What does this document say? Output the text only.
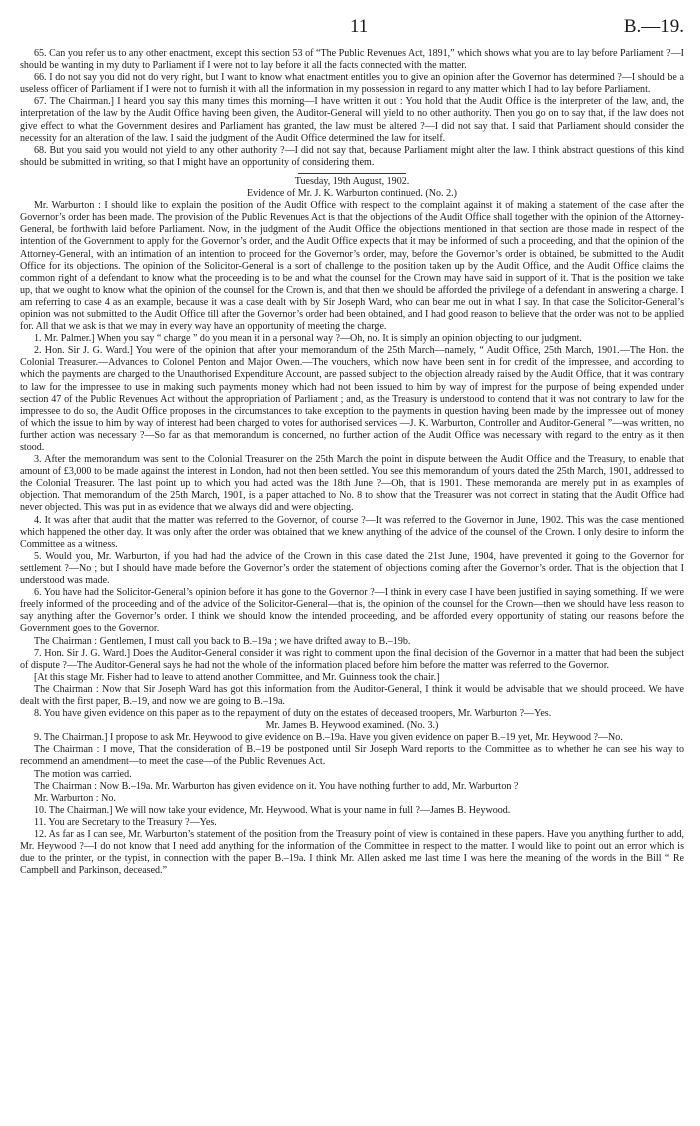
11	B.—19.

65. Can you refer us to any other enactment, except this section 53 of “The Public Revenues Act, 1891,” which shows what you are to lay before Parliament ?—I should be wanting in my duty to Parliament if I were not to lay before it all the facts connected with the matter.

66. I do not say you did not do very right, but I want to know what enactment entitles you to give an opinion after the Governor has determined ?—I should be a useless officer of Parliament if I were not to furnish it with all the information in my possession in regard to any matter which I had to lay before Parliament.

67. The Chairman.] I heard you say this many times this morning—I have written it out : You hold that the Audit Office is the interpreter of the law, and, the interpretation of the law by the Audit Office having been given, the Auditor-General will yield to no other authority. Then you go on to say that, if the law does not give effect to what the Government desires and Parliament has granted, the law must be altered ?—I did not say that. I said that Parliament should consider the necessity for an alteration of the law. I said the judgment of the Audit Office determined the law for itself.

68. But you said you would not yield to any other authority ?—I did not say that, because Parliament might alter the law. I think abstract questions of this kind should be submitted in writing, so that I might have an opportunity of considering them.

Tuesday, 19th August, 1902.

Evidence of Mr. J. K. Warburton continued. (No. 2.)

Mr. Warburton : I should like to explain the position of the Audit Office with respect to the complaint against it of making a statement of the case after the Governor’s order has been made. The provision of the Public Revenues Act is that the objections of the Audit Office shall together with the opinion of the Attorney-General, be forthwith laid before Parliament. Now, in the judgment of the Audit Office the objections mentioned in that section are those made in respect of the intention of the Government to apply for the Governor’s order, and the Audit Office expects that it may be informed of such a proceeding, and that the opinion of the Attorney-General, with an intimation of an intention to proceed for the Governor’s order, may, before the Governor’s order is obtained, be submitted to the Audit Office for its objections. The opinion of the Solicitor-General is a sort of challenge to the position taken up by the Audit Office, and the Audit Office claims the common right of a defendant to know what the proceeding is to be and what the counsel for the Crown may have said in support of it. That is the position we take up, that we ought to know what the opinion of the counsel for the Crown is, and that then we should be afforded the privilege of a defendant in answering a charge. I am referring to case 4 as an example, because it was a case dealt with by Sir Joseph Ward, who can bear me out in what I say. In that case the Solicitor-General’s opinion was not submitted to the Audit Office till after the Governor’s order had been obtained, and I had good reason to believe that the order was not to be applied for. All that we ask is that we may in every way have an opportunity of meeting the charge.

1. Mr. Palmer.] When you say “ charge ” do you mean it in a personal way ?—Oh, no. It is simply an opinion objecting to our judgment.

2. Hon. Sir J. G. Ward.] You were of the opinion that after your memorandum of the 25th March—namely, “ Audit Office, 25th March, 1901.—The Hon. the Colonial Treasurer.—Advances to Colonel Penton and Major Owen.—The vouchers, which now have been sent in for credit of the impressee, and according to which the payments are charged to the Unauthorised Expenditure Account, are passed subject to the objection already raised by the Audit Office, that it was contrary to law for the impressee to use in making such payments money which had not been issued to him by way of imprest for the purpose of being expended under section 47 of the Public Revenues Act without the appropriation of Parliament ; and, as the Treasury is understood to contend that it was not contrary to law for the impressee to do so, the Audit Office proposes in the circumstances to take exception to the payments in question having been made by the impressee out of money of which the issue to him by way of interest had been charged to votes for authorised services —J. K. Warburton, Controller and Auditor-General ”—was written, no further action was necessary ?—So far as that memorandum is concerned, no further action of the Audit Office was necessary with regard to the entry as it then stood.

3. After the memorandum was sent to the Colonial Treasurer on the 25th March the point in dispute between the Audit Office and the Treasury, to enable that amount of £3,000 to be made against the interest in London, had not then been settled. You see this memorandum of yours dated the 25th March, 1901, addressed to the Colonial Treasurer. The last point up to which you had acted was the 18th June ?—Oh, that is 1901. These memoranda are merely put in as examples of objection. That memorandum of the 25th March, 1901, is a paper attached to No. 8 to show that the Treasurer was not correct in stating that the Audit Office had never objected. This was put in as evidence that we always did and were objecting.

4. It was after that audit that the matter was referred to the Governor, of course ?—It was referred to the Governor in June, 1902. This was the case mentioned which happened the other day. It was only after the order was obtained that we knew anything of the advice of the counsel of the Crown. I only desire to inform the Committee as a witness.

5. Would you, Mr. Warburton, if you had had the advice of the Crown in this case dated the 21st June, 1904, have prevented it going to the Governor for settlement ?—No ; but I should have made before the Governor’s order the statement of objections coming after the Governor’s order. That is the objection that I understood was made.

6. You have had the Solicitor-General’s opinion before it has gone to the Governor ?—I think in every case I have been justified in saying something. If we were freely informed of the proceeding and of the advice of the Solicitor-General—that is, the opinion of the counsel for the Crown—then we should have less reason to say anything after the Governor’s order. I think we should know the intended proceeding, and be afforded every opportunity of stating our reasons before the Government goes to the Governor.

The Chairman : Gentlemen, I must call you back to B.–19a ; we have drifted away to B.–19b.

7. Hon. Sir J. G. Ward.] Does the Auditor-General consider it was right to comment upon the final decision of the Governor in a matter that had been the subject of dispute ?—The Auditor-General says he had not the whole of the information placed before him before the matter was referred to the Governor.

[At this stage Mr. Fisher had to leave to attend another Committee, and Mr. Guinness took the chair.]

The Chairman : Now that Sir Joseph Ward has got this information from the Auditor-General, I think it would be advisable that we should proceed. We have dealt with the first paper, B.–19, and now we are going to B.–19a.

8. You have given evidence on this paper as to the repayment of duty on the estates of deceased troopers, Mr. Warburton ?—Yes.

Mr. James B. Heywood examined. (No. 3.)

9. The Chairman.] I propose to ask Mr. Heywood to give evidence on B.–19a. Have you given evidence on paper B.–19 yet, Mr. Heywood ?—No.

The Chairman : I move, That the consideration of B.–19 be postponed until Sir Joseph Ward reports to the Committee as to whether he can see his way to recommend an amendment—to meet the case—of the Public Revenues Act.

The motion was carried.

The Chairman : Now B.–19a. Mr. Warburton has given evidence on it. You have nothing further to add, Mr. Warburton ?

Mr. Warburton : No.

10. The Chairman.] We will now take your evidence, Mr. Heywood. What is your name in full ?—James B. Heywood.

11. You are Secretary to the Treasury ?—Yes.

12. As far as I can see, Mr. Warburton’s statement of the position from the Treasury point of view is contained in these papers. Have you anything further to add, Mr. Heywood ?—I do not know that I need add anything for the information of the Committee in respect to the matter. I would like to point out an error which is due to the printer, or the typist, in connection with the paper B.–19a. I think Mr. Allen asked me last time I was here the meaning of the words in the Bill “ Re Campbell and Parkinson, deceased.”
